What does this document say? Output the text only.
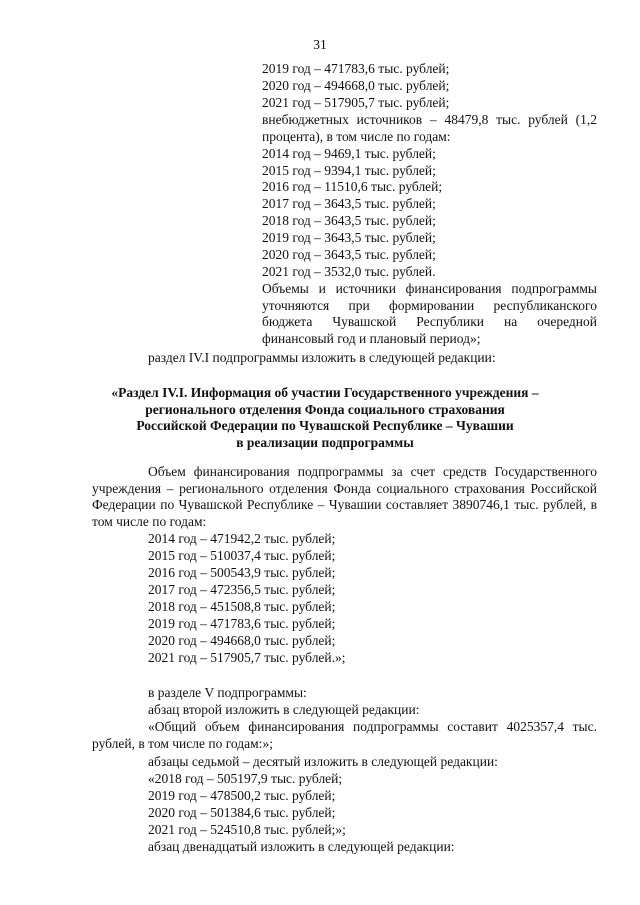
31
2019 год – 471783,6 тыс. рублей;
2020 год – 494668,0 тыс. рублей;
2021 год – 517905,7 тыс. рублей;
внебюджетных источников – 48479,8 тыс. рублей (1,2 процента), в том числе по годам:
2014 год – 9469,1 тыс. рублей;
2015 год – 9394,1 тыс. рублей;
2016 год – 11510,6 тыс. рублей;
2017 год – 3643,5 тыс. рублей;
2018 год – 3643,5 тыс. рублей;
2019 год – 3643,5 тыс. рублей;
2020 год – 3643,5 тыс. рублей;
2021 год – 3532,0 тыс. рублей.
Объемы и источники финансирования подпрограммы уточняются при формировании республиканского бюджета Чувашской Республики на очередной финансовый год и плановый период»;
раздел IV.I подпрограммы изложить в следующей редакции:
«Раздел IV.I. Информация об участии Государственного учреждения –
регионального отделения Фонда социального страхования
Российской Федерации по Чувашской Республике – Чувашии
в реализации подпрограммы
Объем финансирования подпрограммы за счет средств Государственного учреждения – регионального отделения Фонда социального страхования Российской Федерации по Чувашской Республике – Чувашии составляет 3890746,1 тыс. рублей, в том числе по годам:
2014 год – 471942,2 тыс. рублей;
2015 год – 510037,4 тыс. рублей;
2016 год – 500543,9 тыс. рублей;
2017 год – 472356,5 тыс. рублей;
2018 год – 451508,8 тыс. рублей;
2019 год – 471783,6 тыс. рублей;
2020 год – 494668,0 тыс. рублей;
2021 год – 517905,7 тыс. рублей.»;
в разделе V подпрограммы:
абзац второй изложить в следующей редакции:
«Общий объем финансирования подпрограммы составит 4025357,4 тыс. рублей, в том числе по годам:»;
абзацы седьмой – десятый изложить в следующей редакции:
«2018 год – 505197,9 тыс. рублей;
2019 год – 478500,2 тыс. рублей;
2020 год – 501384,6 тыс. рублей;
2021 год – 524510,8 тыс. рублей;»;
абзац двенадцатый изложить в следующей редакции:
